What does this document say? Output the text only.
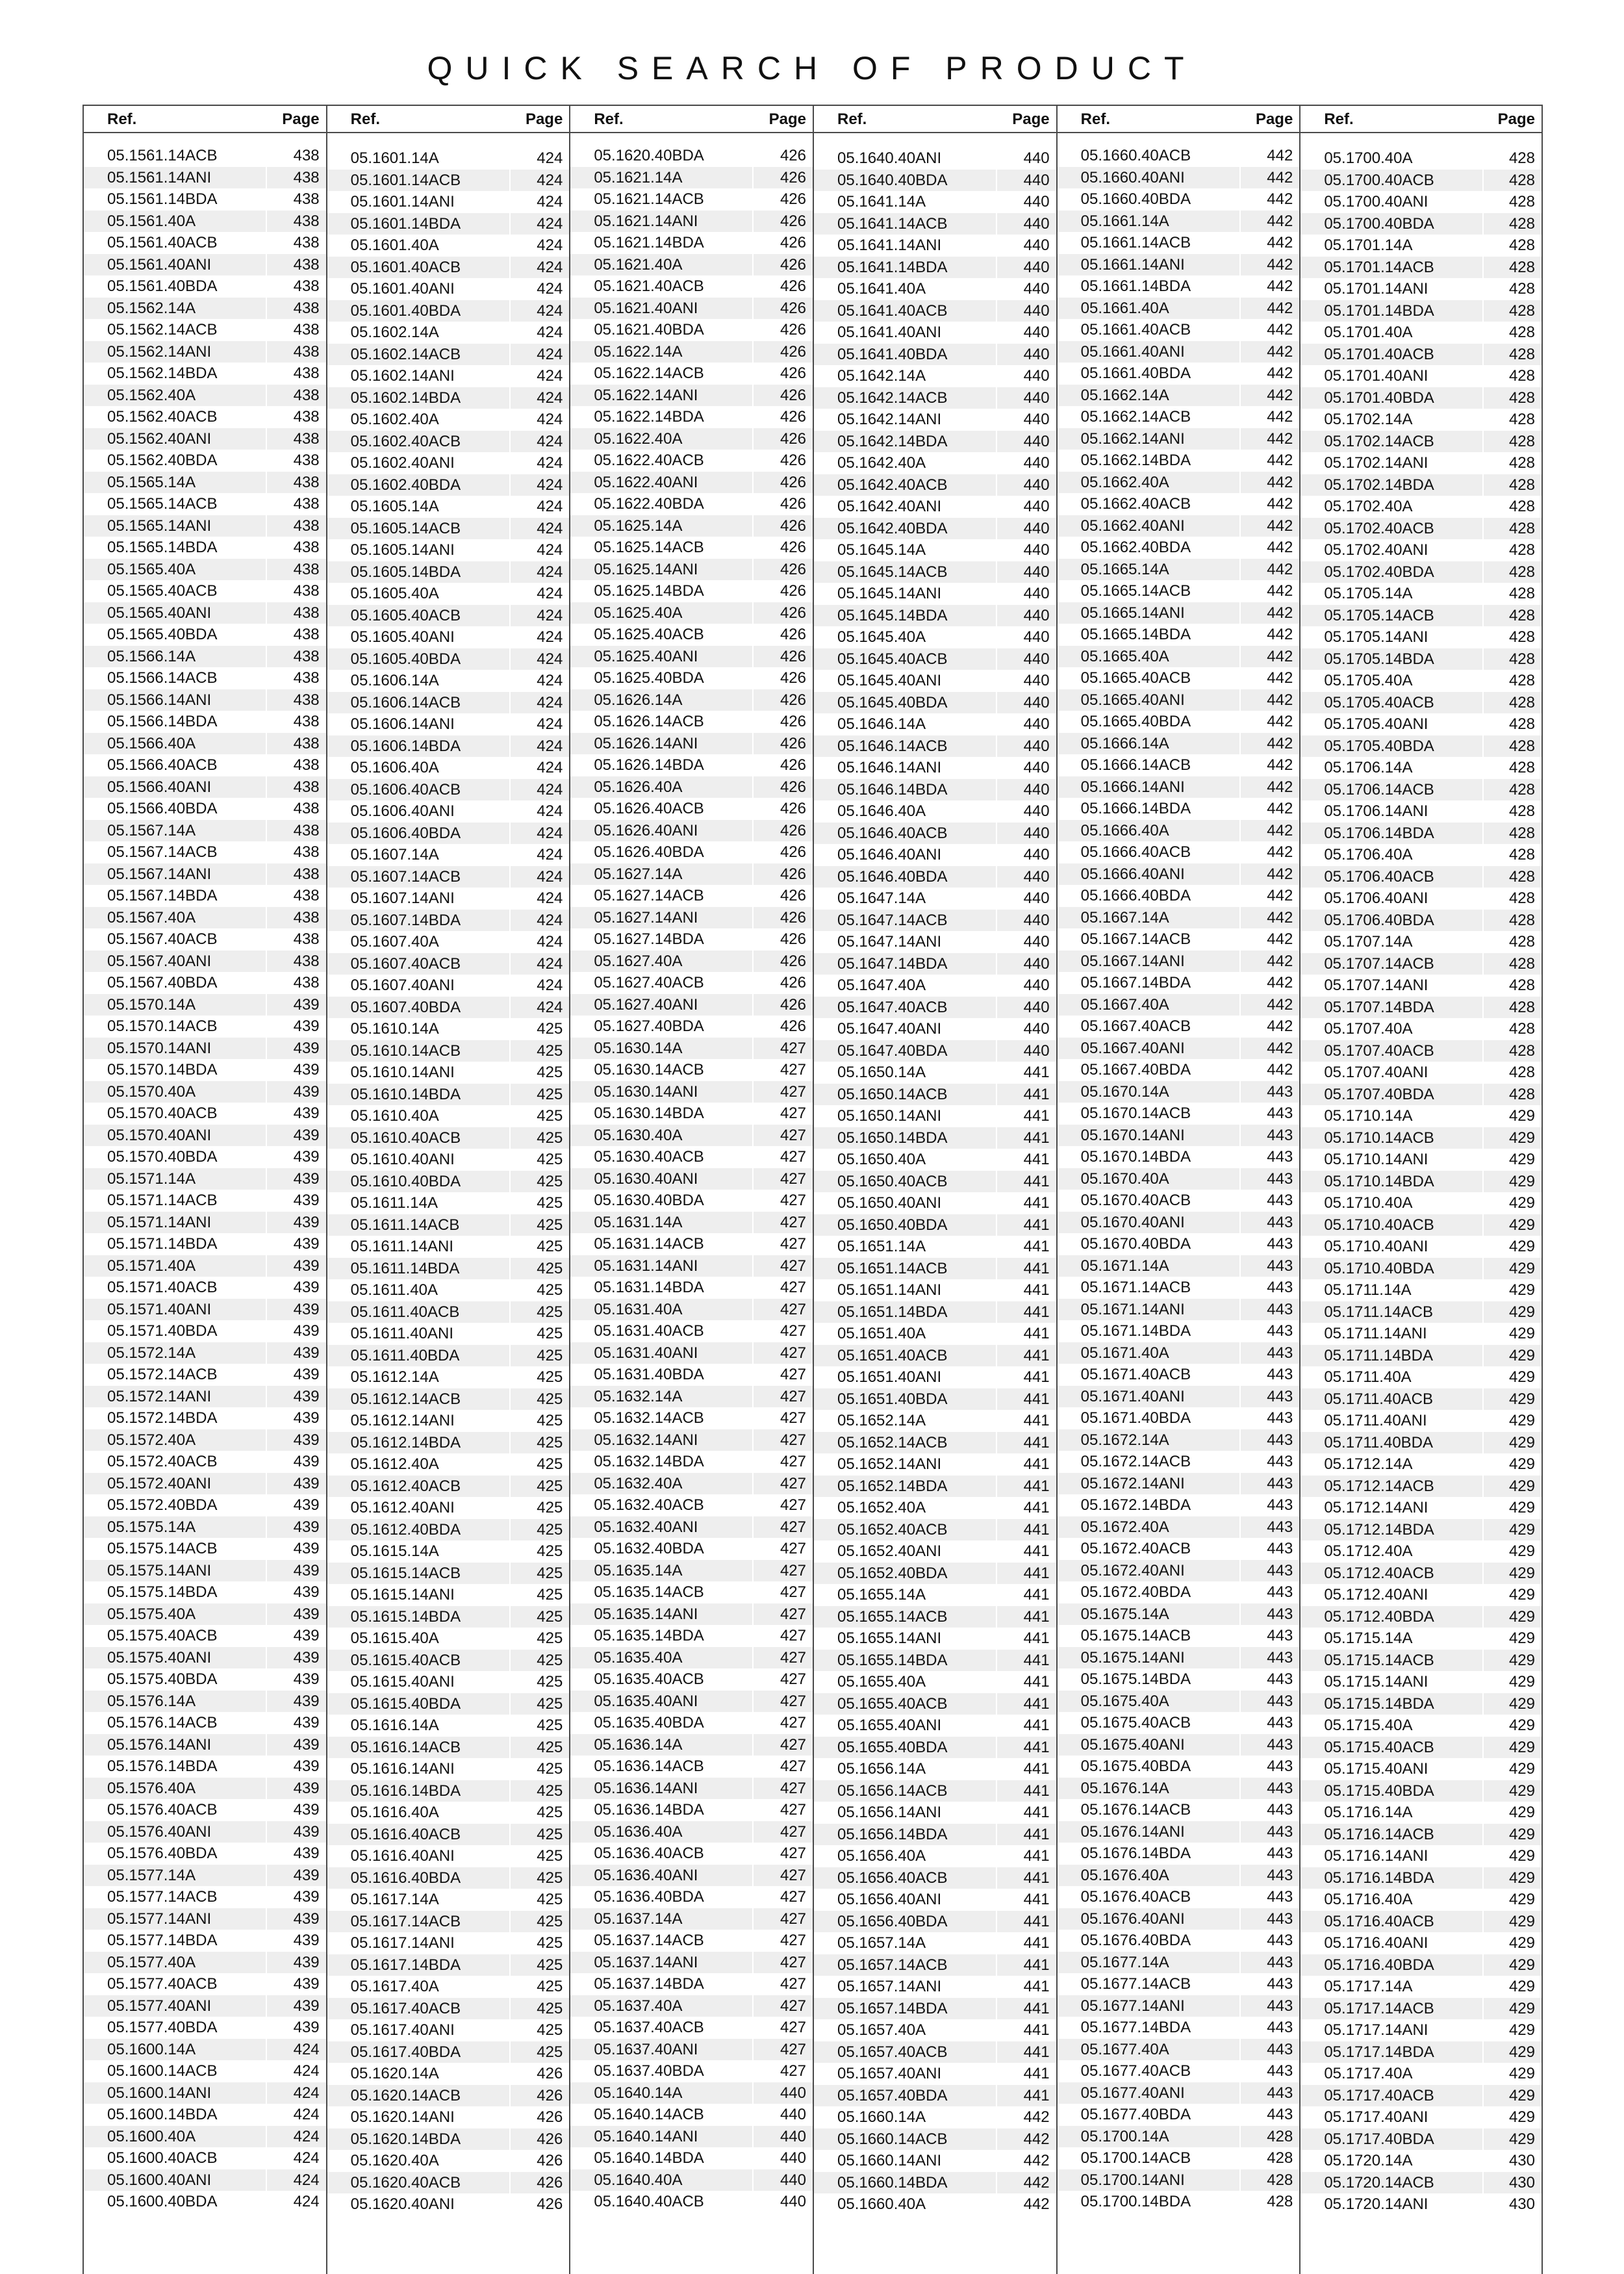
QUICK SEARCH OF PRODUCT
Ref.	Page
05.1561.14ACB	438
05.1561.14ANI	438
05.1561.14BDA	438
05.1561.40A	438
05.1561.40ACB	438
05.1561.40ANI	438
05.1561.40BDA	438
05.1562.14A	438
05.1562.14ACB	438
05.1562.14ANI	438
05.1562.14BDA	438
05.1562.40A	438
05.1562.40ACB	438
05.1562.40ANI	438
05.1562.40BDA	438
05.1565.14A	438
05.1565.14ACB	438
05.1565.14ANI	438
05.1565.14BDA	438
05.1565.40A	438
05.1565.40ACB	438
05.1565.40ANI	438
05.1565.40BDA	438
05.1566.14A	438
05.1566.14ACB	438
05.1566.14ANI	438
05.1566.14BDA	438
05.1566.40A	438
05.1566.40ACB	438
05.1566.40ANI	438
05.1566.40BDA	438
05.1567.14A	438
05.1567.14ACB	438
05.1567.14ANI	438
05.1567.14BDA	438
05.1567.40A	438
05.1567.40ACB	438
05.1567.40ANI	438
05.1567.40BDA	438
05.1570.14A	439
05.1570.14ACB	439
05.1570.14ANI	439
05.1570.14BDA	439
05.1570.40A	439
05.1570.40ACB	439
05.1570.40ANI	439
05.1570.40BDA	439
05.1571.14A	439
05.1571.14ACB	439
05.1571.14ANI	439
05.1571.14BDA	439
05.1571.40A	439
05.1571.40ACB	439
05.1571.40ANI	439
05.1571.40BDA	439
05.1572.14A	439
05.1572.14ACB	439
05.1572.14ANI	439
05.1572.14BDA	439
05.1572.40A	439
05.1572.40ACB	439
05.1572.40ANI	439
05.1572.40BDA	439
05.1575.14A	439
05.1575.14ACB	439
05.1575.14ANI	439
05.1575.14BDA	439
05.1575.40A	439
05.1575.40ACB	439
05.1575.40ANI	439
05.1575.40BDA	439
05.1576.14A	439
05.1576.14ACB	439
05.1576.14ANI	439
05.1576.14BDA	439
05.1576.40A	439
05.1576.40ACB	439
05.1576.40ANI	439
05.1576.40BDA	439
05.1577.14A	439
05.1577.14ACB	439
05.1577.14ANI	439
05.1577.14BDA	439
05.1577.40A	439
05.1577.40ACB	439
05.1577.40ANI	439
05.1577.40BDA	439
05.1600.14A	424
05.1600.14ACB	424
05.1600.14ANI	424
05.1600.14BDA	424
05.1600.40A	424
05.1600.40ACB	424
05.1600.40ANI	424
05.1600.40BDA	424
Ref.	Page
05.1601.14A	424
05.1601.14ACB	424
05.1601.14ANI	424
05.1601.14BDA	424
05.1601.40A	424
05.1601.40ACB	424
05.1601.40ANI	424
05.1601.40BDA	424
05.1602.14A	424
05.1602.14ACB	424
05.1602.14ANI	424
05.1602.14BDA	424
05.1602.40A	424
05.1602.40ACB	424
05.1602.40ANI	424
05.1602.40BDA	424
05.1605.14A	424
05.1605.14ACB	424
05.1605.14ANI	424
05.1605.14BDA	424
05.1605.40A	424
05.1605.40ACB	424
05.1605.40ANI	424
05.1605.40BDA	424
05.1606.14A	424
05.1606.14ACB	424
05.1606.14ANI	424
05.1606.14BDA	424
05.1606.40A	424
05.1606.40ACB	424
05.1606.40ANI	424
05.1606.40BDA	424
05.1607.14A	424
05.1607.14ACB	424
05.1607.14ANI	424
05.1607.14BDA	424
05.1607.40A	424
05.1607.40ACB	424
05.1607.40ANI	424
05.1607.40BDA	424
05.1610.14A	425
05.1610.14ACB	425
05.1610.14ANI	425
05.1610.14BDA	425
05.1610.40A	425
05.1610.40ACB	425
05.1610.40ANI	425
05.1610.40BDA	425
05.1611.14A	425
05.1611.14ACB	425
05.1611.14ANI	425
05.1611.14BDA	425
05.1611.40A	425
05.1611.40ACB	425
05.1611.40ANI	425
05.1611.40BDA	425
05.1612.14A	425
05.1612.14ACB	425
05.1612.14ANI	425
05.1612.14BDA	425
05.1612.40A	425
05.1612.40ACB	425
05.1612.40ANI	425
05.1612.40BDA	425
05.1615.14A	425
05.1615.14ACB	425
05.1615.14ANI	425
05.1615.14BDA	425
05.1615.40A	425
05.1615.40ACB	425
05.1615.40ANI	425
05.1615.40BDA	425
05.1616.14A	425
05.1616.14ACB	425
05.1616.14ANI	425
05.1616.14BDA	425
05.1616.40A	425
05.1616.40ACB	425
05.1616.40ANI	425
05.1616.40BDA	425
05.1617.14A	425
05.1617.14ACB	425
05.1617.14ANI	425
05.1617.14BDA	425
05.1617.40A	425
05.1617.40ACB	425
05.1617.40ANI	425
05.1617.40BDA	425
05.1620.14A	426
05.1620.14ACB	426
05.1620.14ANI	426
05.1620.14BDA	426
05.1620.40A	426
05.1620.40ACB	426
05.1620.40ANI	426
Ref.	Page
05.1620.40BDA	426
05.1621.14A	426
05.1621.14ACB	426
05.1621.14ANI	426
05.1621.14BDA	426
05.1621.40A	426
05.1621.40ACB	426
05.1621.40ANI	426
05.1621.40BDA	426
05.1622.14A	426
05.1622.14ACB	426
05.1622.14ANI	426
05.1622.14BDA	426
05.1622.40A	426
05.1622.40ACB	426
05.1622.40ANI	426
05.1622.40BDA	426
05.1625.14A	426
05.1625.14ACB	426
05.1625.14ANI	426
05.1625.14BDA	426
05.1625.40A	426
05.1625.40ACB	426
05.1625.40ANI	426
05.1625.40BDA	426
05.1626.14A	426
05.1626.14ACB	426
05.1626.14ANI	426
05.1626.14BDA	426
05.1626.40A	426
05.1626.40ACB	426
05.1626.40ANI	426
05.1626.40BDA	426
05.1627.14A	426
05.1627.14ACB	426
05.1627.14ANI	426
05.1627.14BDA	426
05.1627.40A	426
05.1627.40ACB	426
05.1627.40ANI	426
05.1627.40BDA	426
05.1630.14A	427
05.1630.14ACB	427
05.1630.14ANI	427
05.1630.14BDA	427
05.1630.40A	427
05.1630.40ACB	427
05.1630.40ANI	427
05.1630.40BDA	427
05.1631.14A	427
05.1631.14ACB	427
05.1631.14ANI	427
05.1631.14BDA	427
05.1631.40A	427
05.1631.40ACB	427
05.1631.40ANI	427
05.1631.40BDA	427
05.1632.14A	427
05.1632.14ACB	427
05.1632.14ANI	427
05.1632.14BDA	427
05.1632.40A	427
05.1632.40ACB	427
05.1632.40ANI	427
05.1632.40BDA	427
05.1635.14A	427
05.1635.14ACB	427
05.1635.14ANI	427
05.1635.14BDA	427
05.1635.40A	427
05.1635.40ACB	427
05.1635.40ANI	427
05.1635.40BDA	427
05.1636.14A	427
05.1636.14ACB	427
05.1636.14ANI	427
05.1636.14BDA	427
05.1636.40A	427
05.1636.40ACB	427
05.1636.40ANI	427
05.1636.40BDA	427
05.1637.14A	427
05.1637.14ACB	427
05.1637.14ANI	427
05.1637.14BDA	427
05.1637.40A	427
05.1637.40ACB	427
05.1637.40ANI	427
05.1637.40BDA	427
05.1640.14A	440
05.1640.14ACB	440
05.1640.14ANI	440
05.1640.14BDA	440
05.1640.40A	440
05.1640.40ACB	440
Ref.	Page
05.1640.40ANI	440
05.1640.40BDA	440
05.1641.14A	440
05.1641.14ACB	440
05.1641.14ANI	440
05.1641.14BDA	440
05.1641.40A	440
05.1641.40ACB	440
05.1641.40ANI	440
05.1641.40BDA	440
05.1642.14A	440
05.1642.14ACB	440
05.1642.14ANI	440
05.1642.14BDA	440
05.1642.40A	440
05.1642.40ACB	440
05.1642.40ANI	440
05.1642.40BDA	440
05.1645.14A	440
05.1645.14ACB	440
05.1645.14ANI	440
05.1645.14BDA	440
05.1645.40A	440
05.1645.40ACB	440
05.1645.40ANI	440
05.1645.40BDA	440
05.1646.14A	440
05.1646.14ACB	440
05.1646.14ANI	440
05.1646.14BDA	440
05.1646.40A	440
05.1646.40ACB	440
05.1646.40ANI	440
05.1646.40BDA	440
05.1647.14A	440
05.1647.14ACB	440
05.1647.14ANI	440
05.1647.14BDA	440
05.1647.40A	440
05.1647.40ACB	440
05.1647.40ANI	440
05.1647.40BDA	440
05.1650.14A	441
05.1650.14ACB	441
05.1650.14ANI	441
05.1650.14BDA	441
05.1650.40A	441
05.1650.40ACB	441
05.1650.40ANI	441
05.1650.40BDA	441
05.1651.14A	441
05.1651.14ACB	441
05.1651.14ANI	441
05.1651.14BDA	441
05.1651.40A	441
05.1651.40ACB	441
05.1651.40ANI	441
05.1651.40BDA	441
05.1652.14A	441
05.1652.14ACB	441
05.1652.14ANI	441
05.1652.14BDA	441
05.1652.40A	441
05.1652.40ACB	441
05.1652.40ANI	441
05.1652.40BDA	441
05.1655.14A	441
05.1655.14ACB	441
05.1655.14ANI	441
05.1655.14BDA	441
05.1655.40A	441
05.1655.40ACB	441
05.1655.40ANI	441
05.1655.40BDA	441
05.1656.14A	441
05.1656.14ACB	441
05.1656.14ANI	441
05.1656.14BDA	441
05.1656.40A	441
05.1656.40ACB	441
05.1656.40ANI	441
05.1656.40BDA	441
05.1657.14A	441
05.1657.14ACB	441
05.1657.14ANI	441
05.1657.14BDA	441
05.1657.40A	441
05.1657.40ACB	441
05.1657.40ANI	441
05.1657.40BDA	441
05.1660.14A	442
05.1660.14ACB	442
05.1660.14ANI	442
05.1660.14BDA	442
05.1660.40A	442
Ref.	Page
05.1660.40ACB	442
05.1660.40ANI	442
05.1660.40BDA	442
05.1661.14A	442
05.1661.14ACB	442
05.1661.14ANI	442
05.1661.14BDA	442
05.1661.40A	442
05.1661.40ACB	442
05.1661.40ANI	442
05.1661.40BDA	442
05.1662.14A	442
05.1662.14ACB	442
05.1662.14ANI	442
05.1662.14BDA	442
05.1662.40A	442
05.1662.40ACB	442
05.1662.40ANI	442
05.1662.40BDA	442
05.1665.14A	442
05.1665.14ACB	442
05.1665.14ANI	442
05.1665.14BDA	442
05.1665.40A	442
05.1665.40ACB	442
05.1665.40ANI	442
05.1665.40BDA	442
05.1666.14A	442
05.1666.14ACB	442
05.1666.14ANI	442
05.1666.14BDA	442
05.1666.40A	442
05.1666.40ACB	442
05.1666.40ANI	442
05.1666.40BDA	442
05.1667.14A	442
05.1667.14ACB	442
05.1667.14ANI	442
05.1667.14BDA	442
05.1667.40A	442
05.1667.40ACB	442
05.1667.40ANI	442
05.1667.40BDA	442
05.1670.14A	443
05.1670.14ACB	443
05.1670.14ANI	443
05.1670.14BDA	443
05.1670.40A	443
05.1670.40ACB	443
05.1670.40ANI	443
05.1670.40BDA	443
05.1671.14A	443
05.1671.14ACB	443
05.1671.14ANI	443
05.1671.14BDA	443
05.1671.40A	443
05.1671.40ACB	443
05.1671.40ANI	443
05.1671.40BDA	443
05.1672.14A	443
05.1672.14ACB	443
05.1672.14ANI	443
05.1672.14BDA	443
05.1672.40A	443
05.1672.40ACB	443
05.1672.40ANI	443
05.1672.40BDA	443
05.1675.14A	443
05.1675.14ACB	443
05.1675.14ANI	443
05.1675.14BDA	443
05.1675.40A	443
05.1675.40ACB	443
05.1675.40ANI	443
05.1675.40BDA	443
05.1676.14A	443
05.1676.14ACB	443
05.1676.14ANI	443
05.1676.14BDA	443
05.1676.40A	443
05.1676.40ACB	443
05.1676.40ANI	443
05.1676.40BDA	443
05.1677.14A	443
05.1677.14ACB	443
05.1677.14ANI	443
05.1677.14BDA	443
05.1677.40A	443
05.1677.40ACB	443
05.1677.40ANI	443
05.1677.40BDA	443
05.1700.14A	428
05.1700.14ACB	428
05.1700.14ANI	428
05.1700.14BDA	428
Ref.	Page
05.1700.40A	428
05.1700.40ACB	428
05.1700.40ANI	428
05.1700.40BDA	428
05.1701.14A	428
05.1701.14ACB	428
05.1701.14ANI	428
05.1701.14BDA	428
05.1701.40A	428
05.1701.40ACB	428
05.1701.40ANI	428
05.1701.40BDA	428
05.1702.14A	428
05.1702.14ACB	428
05.1702.14ANI	428
05.1702.14BDA	428
05.1702.40A	428
05.1702.40ACB	428
05.1702.40ANI	428
05.1702.40BDA	428
05.1705.14A	428
05.1705.14ACB	428
05.1705.14ANI	428
05.1705.14BDA	428
05.1705.40A	428
05.1705.40ACB	428
05.1705.40ANI	428
05.1705.40BDA	428
05.1706.14A	428
05.1706.14ACB	428
05.1706.14ANI	428
05.1706.14BDA	428
05.1706.40A	428
05.1706.40ACB	428
05.1706.40ANI	428
05.1706.40BDA	428
05.1707.14A	428
05.1707.14ACB	428
05.1707.14ANI	428
05.1707.14BDA	428
05.1707.40A	428
05.1707.40ACB	428
05.1707.40ANI	428
05.1707.40BDA	428
05.1710.14A	429
05.1710.14ACB	429
05.1710.14ANI	429
05.1710.14BDA	429
05.1710.40A	429
05.1710.40ACB	429
05.1710.40ANI	429
05.1710.40BDA	429
05.1711.14A	429
05.1711.14ACB	429
05.1711.14ANI	429
05.1711.14BDA	429
05.1711.40A	429
05.1711.40ACB	429
05.1711.40ANI	429
05.1711.40BDA	429
05.1712.14A	429
05.1712.14ACB	429
05.1712.14ANI	429
05.1712.14BDA	429
05.1712.40A	429
05.1712.40ACB	429
05.1712.40ANI	429
05.1712.40BDA	429
05.1715.14A	429
05.1715.14ACB	429
05.1715.14ANI	429
05.1715.14BDA	429
05.1715.40A	429
05.1715.40ACB	429
05.1715.40ANI	429
05.1715.40BDA	429
05.1716.14A	429
05.1716.14ACB	429
05.1716.14ANI	429
05.1716.14BDA	429
05.1716.40A	429
05.1716.40ACB	429
05.1716.40ANI	429
05.1716.40BDA	429
05.1717.14A	429
05.1717.14ACB	429
05.1717.14ANI	429
05.1717.14BDA	429
05.1717.40A	429
05.1717.40ACB	429
05.1717.40ANI	429
05.1717.40BDA	429
05.1720.14A	430
05.1720.14ACB	430
05.1720.14ANI	430
